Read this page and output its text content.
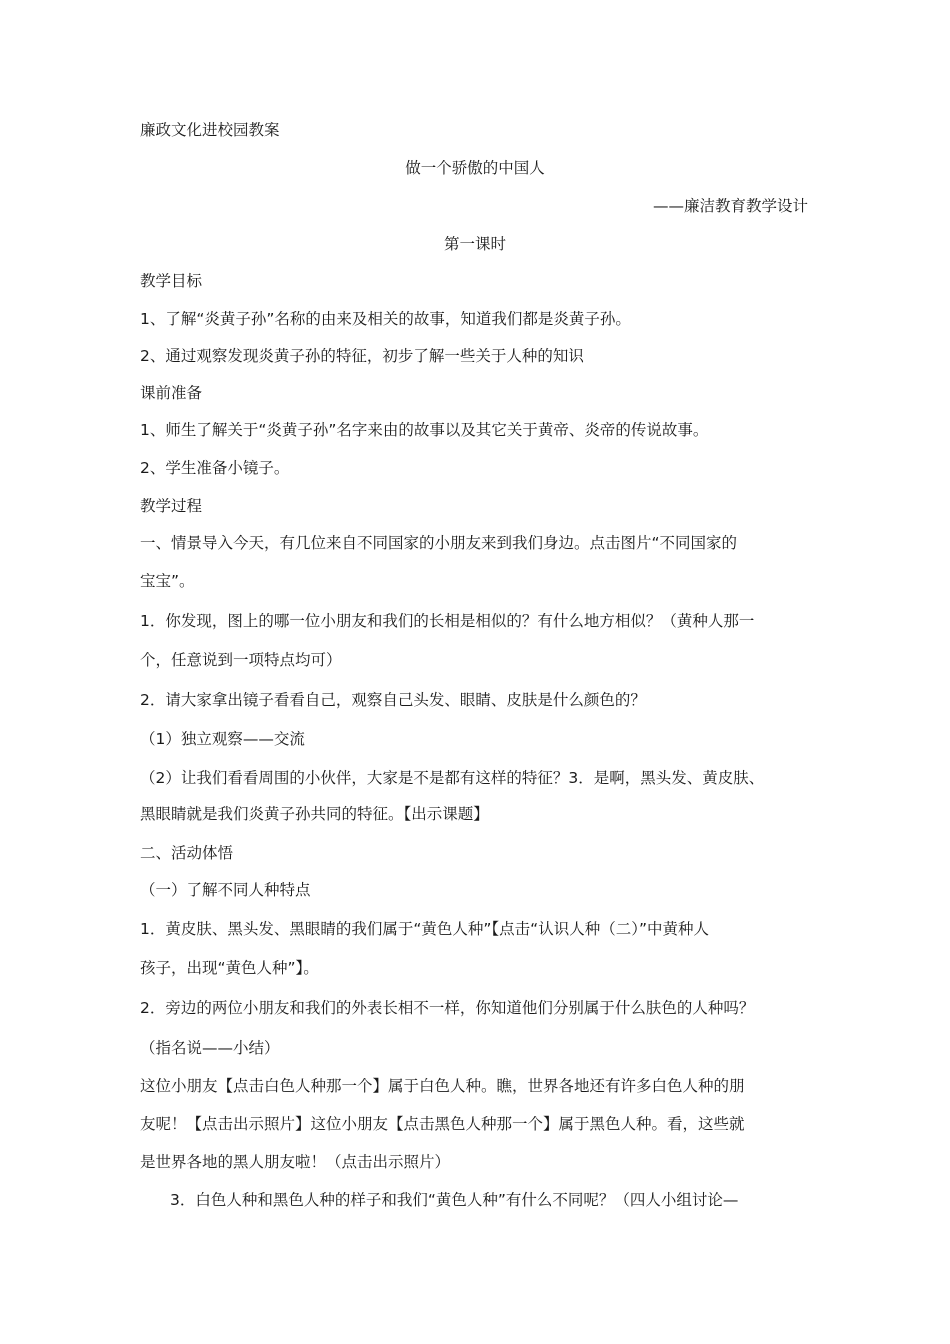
廉政文化进校园教案
做一个骄傲的中国人
——廉洁教育教学设计
第一课时
教学目标
1、了解“炎黄子孙”名称的由来及相关的故事，知道我们都是炎黄子孙。
2、通过观察发现炎黄子孙的特征，初步了解一些关于人种的知识
课前准备
1、师生了解关于“炎黄子孙”名字来由的故事以及其它关于黄帝、炎帝的传说故事。
2、学生准备小镜子。
教学过程
一、情景导入今天，有几位来自不同国家的小朋友来到我们身边。点击图片“不同国家的
宝宝”。
1．你发现，图上的哪一位小朋友和我们的长相是相似的？有什么地方相似？（黄种人那一
个，任意说到一项特点均可）
2．请大家拿出镜子看看自己，观察自己头发、眼睛、皮肤是什么颜色的？
（1）独立观察——交流
（2）让我们看看周围的小伙伴，大家是不是都有这样的特征？3．是啊，黑头发、黄皮肤、
黑眼睛就是我们炎黄子孙共同的特征。【出示课题】
二、活动体悟
（一）了解不同人种特点
1．黄皮肤、黑头发、黑眼睛的我们属于“黄色人种”【点击“认识人种（二）”中黄种人
孩子，出现“黄色人种”】。
2．旁边的两位小朋友和我们的外表长相不一样，你知道他们分别属于什么肤色的人种吗？
（指名说——小结）
这位小朋友【点击白色人种那一个】属于白色人种。瞧，世界各地还有许多白色人种的朋
友呢！【点击出示照片】这位小朋友【点击黑色人种那一个】属于黑色人种。看，这些就
是世界各地的黑人朋友啦！（点击出示照片）
3．白色人种和黑色人种的样子和我们“黄色人种”有什么不同呢？（四人小组讨论—
